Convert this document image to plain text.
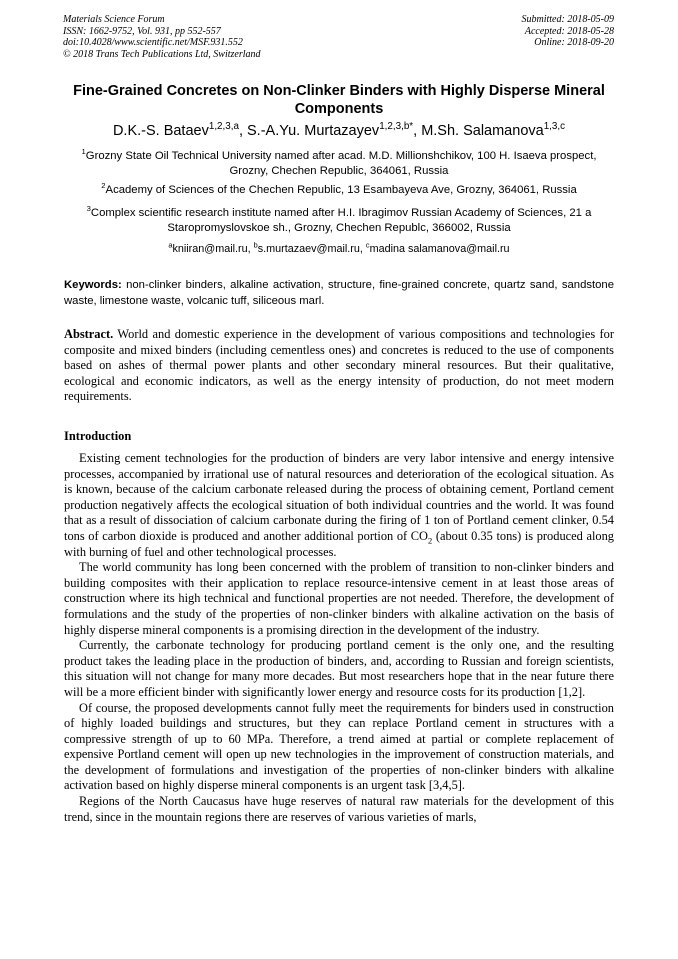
Materials Science Forum
ISSN: 1662-9752, Vol. 931, pp 552-557
doi:10.4028/www.scientific.net/MSF.931.552
© 2018 Trans Tech Publications Ltd, Switzerland
Submitted: 2018-05-09
Accepted: 2018-05-28
Online: 2018-09-20
Fine-Grained Concretes on Non-Clinker Binders with Highly Disperse Mineral Components
D.K.-S. Bataev$^{1,2,3,a}$, S.-A.Yu. Murtazayev$^{1,2,3,b*}$, M.Sh. Salamanova$^{1,3,c}$
$^1$Grozny State Oil Technical University named after acad. M.D. Millionshchikov, 100 H. Isaeva prospect, Grozny, Chechen Republic, 364061, Russia
$^2$Academy of Sciences of the Chechen Republic, 13 Esambayeva Ave, Grozny, 364061, Russia
$^3$Complex scientific research institute named after H.I. Ibragimov Russian Academy of Sciences, 21 a Staropromyslovskoe sh., Grozny, Chechen Republc, 366002, Russia
$^a$kniiran@mail.ru, $^b$s.murtazaev@mail.ru, $^c$madina salamanova@mail.ru
Keywords: non-clinker binders, alkaline activation, structure, fine-grained concrete, quartz sand, sandstone waste, limestone waste, volcanic tuff, siliceous marl.
Abstract. World and domestic experience in the development of various compositions and technologies for composite and mixed binders (including cementless ones) and concretes is reduced to the use of components based on ashes of thermal power plants and other secondary mineral resources. But their qualitative, ecological and economic indicators, as well as the energy intensity of production, do not meet modern requirements.
Introduction

Existing cement technologies for the production of binders are very labor intensive and energy intensive processes, accompanied by irrational use of natural resources and deterioration of the ecological situation. As is known, because of the calcium carbonate released during the process of obtaining cement, Portland cement production negatively affects the ecological situation of both individual countries and the world. It was found that as a result of dissociation of calcium carbonate during the firing of 1 ton of Portland cement clinker, 0.54 tons of carbon dioxide is produced and another additional portion of $CO_2$ (about 0.35 tons) is produced along with burning of fuel and other technological processes.

The world community has long been concerned with the problem of transition to non-clinker binders and building composites with their application to replace resource-intensive cement in at least those areas of construction where its high technical and functional properties are not needed. Therefore, the development of formulations and the study of the properties of non-clinker binders with alkaline activation on the basis of highly disperse mineral components is a promising direction in the development of the industry.

Currently, the carbonate technology for producing portland cement is the only one, and the resulting product takes the leading place in the production of binders, and, according to Russian and foreign scientists, this situation will not change for many more decades. But most researchers hope that in the near future there will be a more efficient binder with significantly lower energy and resource costs for its production [1,2].

Of course, the proposed developments cannot fully meet the requirements for binders used in construction of highly loaded buildings and structures, but they can replace Portland cement in structures with a compressive strength of up to 60 MPa. Therefore, a trend aimed at partial or complete replacement of expensive Portland cement will open up new technologies in the improvement of construction materials, and the development of formulations and investigation of the properties of non-clinker binders with alkaline activation based on highly disperse mineral components is an urgent task [3,4,5].

Regions of the North Caucasus have huge reserves of natural raw materials for the development of this trend, since in the mountain regions there are reserves of various varieties of marls,
